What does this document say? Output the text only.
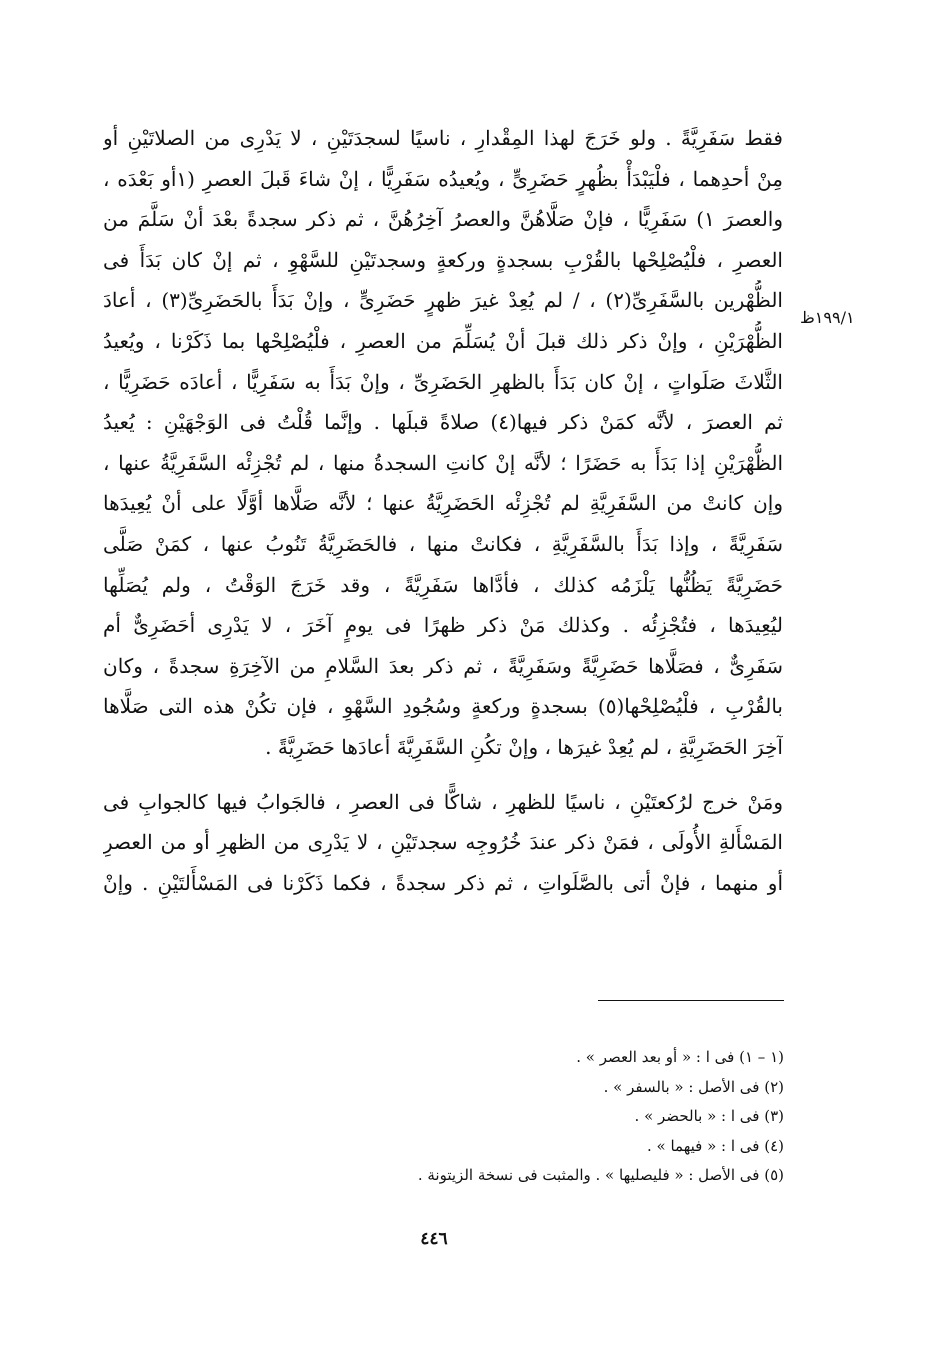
١٩٩/١ظ
فقط سَفَرِيَّةً . ولو خَرَجَ لهذا المِقْدارِ ، ناسيًا لسجدَتَيْنِ ، لا يَدْرِى من الصلاتَيْنِ أو
مِنْ أحدِهما ، فلْيَبْدَأْ بظُهرٍ حَضَرِىٍّ ، ويُعيدُه سَفَرِيًّا ، إنْ شاءَ قَبلَ العصرِ (١أو بَعْدَه ،
والعصرَ ١) سَفَرِيًّا ، فإنْ صَلَّاهُنَّ والعصرُ آخِرُهُنَّ ، ثم ذكر سجدةً بعْدَ أنْ سَلَّمَ من
العصرِ ، فلْيُصْلِحْها بالقُرْبِ بسجدةٍ وركعةٍ وسجدتَيْنِ للسَّهْوِ ، ثم إنْ كان بَدَأَ فى
الظُّهْرين بالسَّفَرِىِّ(٢) ، / لم يُعِدْ غيرَ ظهرٍ حَضَرِىٍّ ، وإنْ بَدَأَ بالحَضَرِىِّ(٣) ، أعادَ
الظُّهْرَيْنِ ، وإنْ ذكر ذلك قبلَ أنْ يُسَلِّمَ من العصرِ ، فلْيُصْلِحْها بما ذَكَرْنا ، ويُعيدُ
الثَّلاثَ صَلَواتٍ ، إنْ كان بَدَأَ بالظهرِ الحَضَرِىِّ ، وإنْ بَدَأَ به سَفَرِيًّا ، أعادَه حَضَرِيًّا ،
ثم العصرَ ، لأنَّه كمَنْ ذكر فيها(٤) صلاةً قبلَها . وإنَّما قُلْتُ فى الوَجْهَيْنِ : يُعيدُ
الظُّهْرَيْنِ إذا بَدَأَ به حَضَرًا ؛ لأنَّه إنْ كانتِ السجدةُ منها ، لم تُجْزِئْه السَّفَرِيَّةُ عنها ،
وإن كانتْ من السَّفَرِيَّةِ لم تُجْزِئْه الحَضَرِيَّةُ عنها ؛ لأنَّه صَلَّاها أوَّلًا على أنْ يُعِيدَها
سَفَرِيَّةً ، وإذا بَدَأَ بالسَّفَرِيَّةِ ، فكانتْ منها ، فالحَضَرِيَّةُ تَنُوبُ عنها ، كمَنْ صَلَّى
حَضَرِيَّةً يَظُنُّها يَلْزَمُه كذلك ، فأدَّاها سَفَرِيَّةً ، وقد خَرَجَ الوَقْتُ ، ولم يُصَلِّها
ليُعِيدَها ، فتُجْزِئُه . وكذلك مَنْ ذكر ظهرًا فى يومٍ آخَرَ ، لا يَدْرِى أحَضَرِىٌّ أم
سَفَرِىٌّ ، فصَلَّاها حَضَرِيَّةً وسَفَرِيَّةً ، ثم ذكر بعدَ السَّلامِ من الآخِرَةِ سجدةً ، وكان
بالقُرْبِ ، فلْيُصْلِحْها(٥) بسجدةٍ وركعةٍ وسُجُودِ السَّهْوِ ، فإن تكُنْ هذه التى صَلَّاها
آخِرَ الحَضَرِيَّةِ ، لم يُعِدْ غيرَها ، وإنْ تكُنِ السَّفَرِيَّةَ أعادَها حَضَرِيَّةً .
ومَنْ خرج لرُكعتَيْنِ ، ناسيًا للظهرِ ، شاكًّا فى العصرِ ، فالجَوابُ فيها كالجوابِ فى
المَسْأَلةِ الأُولَى ، فمَنْ ذكر عندَ خُرُوجِه سجدتَيْنِ ، لا يَدْرِى من الظهرِ أو من العصرِ
أو منهما ، فإنْ أتى بالصَّلَواتِ ، ثم ذكر سجدةً ، فكما ذَكَرْنا فى المَسْأَلتَيْنِ . وإنْ
(١ – ١) فى ا : « أو بعد العصر » .
(٢) فى الأصل : « بالسفر » .
(٣) فى ا : « بالحضر » .
(٤) فى ا : « فيهما » .
(٥) فى الأصل : « فليصليها » . والمثبت فى نسخة الزيتونة .
٤٤٦
